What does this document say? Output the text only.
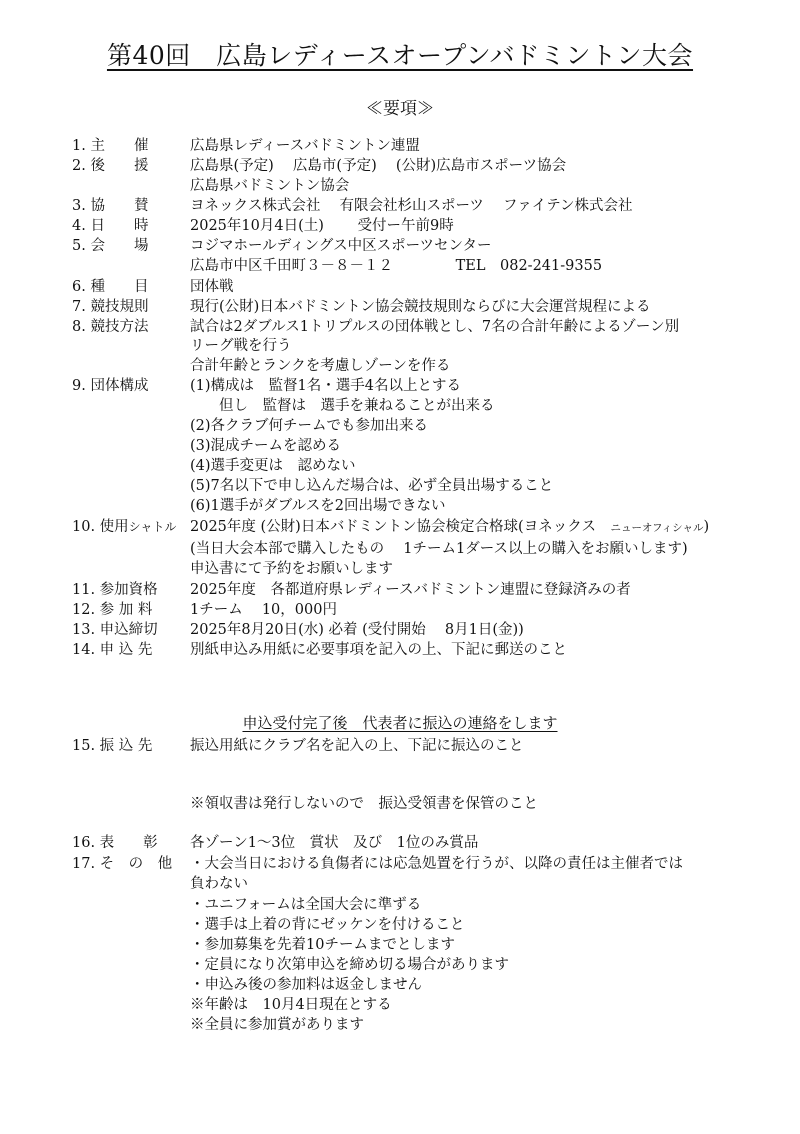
第40回　広島レディースオープンバドミントン大会
≪要項≫
1. 主　　催	広島県レディースバドミントン連盟
2. 後　　援	広島県(予定)　 広島市(予定)　 (公財)広島市スポーツ協会
広島県バドミントン協会
3. 協　　賛	ヨネックス株式会社　 有限会社杉山スポーツ　 ファイテン株式会社
4. 日　　時	2025年10月4日(土)　　 受付ー午前9時
5. 会　　場	コジマホールディングス中区スポーツセンター
広島市中区千田町３－８－１２　　　　 TEL　082-241-9355
6. 種　　目	団体戦
7. 競技規則	現行(公財)日本バドミントン協会競技規則ならびに大会運営規程による
8. 競技方法	試合は2ダブルス1トリプルスの団体戦とし、7名の合計年齢によるゾーン別
リーグ戦を行う
合計年齢とランクを考慮しゾーンを作る
9. 団体構成	(1)構成は　監督1名・選手4名以上とする
　　但し　監督は　選手を兼ねることが出来る
(2)各クラブ何チームでも参加出来る
(3)混成チームを認める
(4)選手変更は　認めない
(5)7名以下で申し込んだ場合は、必ず全員出場すること
(6)1選手がダブルスを2回出場できない
10. 使用シャトル 2025年度 (公財)日本バドミントン協会検定合格球(ヨネックス　ニューオフィシャル)
(当日大会本部で購入したもの　 1チーム1ダース以上の購入をお願いします)
申込書にて予約をお願いします
11. 参加資格	2025年度　各都道府県レディースバドミントン連盟に登録済みの者
12. 参 加 料	1チーム　 10，000円
13. 申込締切	2025年8月20日(水) 必着 (受付開始　 8月1日(金))
14. 申 込 先	別紙申込み用紙に必要事項を記入の上、下記に郵送のこと
申込受付完了後　代表者に振込の連絡をします
15. 振 込 先	振込用紙にクラブ名を記入の上、下記に振込のこと
※領収書は発行しないので　振込受領書を保管のこと
16. 表　　彰	各ゾーン1～3位　賞状　及び　1位のみ賞品
17. そ　の　他	・大会当日における負傷者には応急処置を行うが、以降の責任は主催者では
負わない
・ユニフォームは全国大会に準ずる
・選手は上着の背にゼッケンを付けること
・参加募集を先着10チームまでとします
・定員になり次第申込を締め切る場合があります
・申込み後の参加料は返金しません
※年齢は　10月4日現在とする
※全員に参加賞があります
